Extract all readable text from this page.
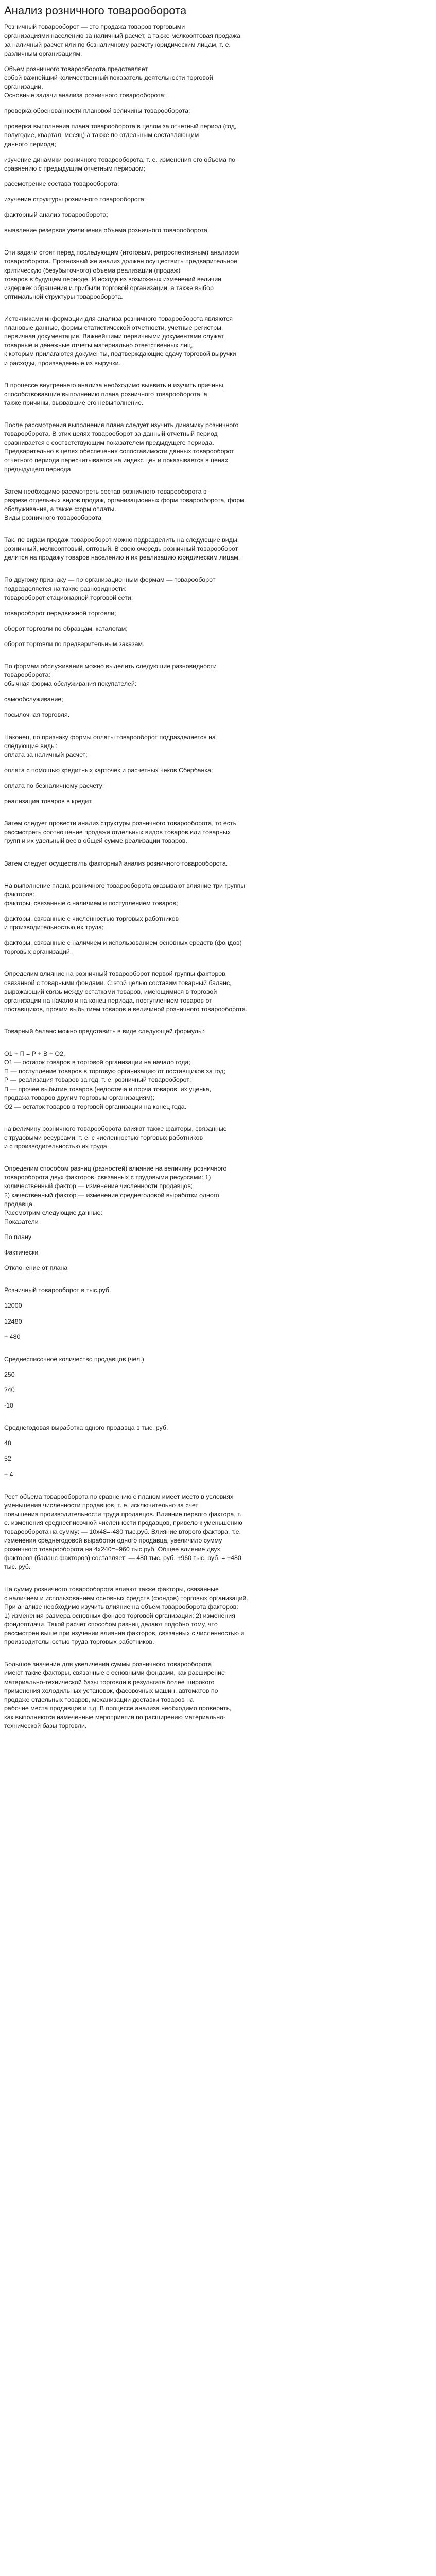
Анализ розничного товарооборота

Розничный товарооборот — это продажа товаров торговыми

организациями населению за наличный расчет, а также мелкооптовая продажа

за наличный расчет или по безналичному расчету юридическим лицам, т. е.

различным организациям.

Объем розничного товарооборота представляет

собой важнейший количественный показатель деятельности торговой

организации.

Основные задачи анализа розничного товарооборота:

проверка обоснованности плановой величины товарооборота;

проверка выполнения плана товарооборота в целом за отчетный период (год,

полугодие, квартал, месяц) а также по отдельным составляющим

данного периода;

изучение динамики розничного товарооборота, т. е. изменения его объема по

сравнению с предыдущим отчетным периодом;

рассмотрение состава товарооборота;

изучение структуры розничного товарооборота;

факторный анализ товарооборота;

выявление резервов увеличения объема розничного товарооборота.

Эти задачи стоят перед последующим (итоговым, ретроспективным) анализом

товарооборота. Прогнозный же анализ должен осуществить предварительное

критическую (безубыточного) объема реализации (продаж)

товаров в будущем периоде. И исходя из возможных изменений величин

издержек обращения и прибыли торговой организации, а также выбор

оптимальной структуры товарооборота.

Источниками информации для анализа розничного товарооборота являются

плановые данные, формы статистической отчетности, учетные регистры,

первичная документация. Важнейшими первичными документами служат

товарные и денежные отчеты материально ответственных лиц,

к которым прилагаются документы, подтверждающие сдачу торговой выручки

и расходы, произведенные из выручки.

В процессе внутреннего анализа необходимо выявить и изучить причины,

способствовавшие выполнению плана розничного товарооборота, а

также причины, вызвавшие его невыполнение.

После рассмотрения выполнения плана следует изучить динамику розничного

товарооборота. В этих целях товарооборот за данный отчетный период

сравнивается с соответствующим показателем предыдущего периода.

Предварительно в целях обеспечения сопоставимости данных товарооборот

отчетного периода пересчитывается на индекс цен и показывается в ценах

предыдущего периода.

Затем необходимо рассмотреть состав розничного товарооборота в

разрезе отдельных видов продаж, организационных форм товарооборота, форм

обслуживания, а также форм оплаты.

Виды розничного товарооборота

Так, по видам продаж товарооборот можно подразделить на следующие виды:

розничный, мелкооптовый, оптовый. В свою очередь розничный товарооборот

делится на продажу товаров населению и их реализацию юридическим лицам.

По другому признаку — по организационным формам — товарооборот

подразделяется на такие разновидности:

товарооборот стационарной торговой сети;

товарооборот передвижной торговли;

оборот торговли по образцам, каталогам;

оборот торговли по предварительным заказам.

По формам обслуживания можно выделить следующие разновидности

товарооборота:

обычная форма обслуживания покупателей:

самообслуживание;

посылочная торговля.

Наконец, по признаку формы оплаты товарооборот подразделяется на

следующие виды:

оплата за наличный расчет;

оплата с помощью кредитных карточек и расчетных чеков Сбербанка;

оплата по безналичному расчету;

реализация товаров в кредит.

Затем следует провести анализ структуры розничного товарооборота, то есть

рассмотреть соотношение продажи отдельных видов товаров или товарных

групп и их удельный вес в общей сумме реализации товаров.

Затем следует осуществить факторный анализ розничного товарооборота.

На выполнение плана розничного товарооборота оказывают влияние три группы

факторов:

факторы, связанные с наличием и поступлением товаров;

факторы, связанные с численностью торговых работников

и производительностью их труда;

факторы, связанные с наличием и использованием основных средств (фондов)

торговых организаций.

Определим влияние на розничный товарооборот первой группы факторов,

связанной с товарными фондами. С этой целью составим товарный баланс,

выражающий связь между остатками товаров, имеющимися в торговой

организации на начало и на конец периода, поступлением товаров от

поставщиков, прочим выбытием товаров и величиной розничного товарооборота.

Товарный баланс можно представить в виде следующей формулы:

О1 + П = Р + В + О2,

О1 — остаток товаров в торговой организации на начало года;

П — поступление товаров в торговую организацию от поставщиков за год;

Р — реализация товаров за год, т. е. розничный товарооборот;

В — прочее выбытие товаров (недостача и порча товаров, их уценка,

продажа товаров другим торговым организациям);

О2 — остаток товаров в торговой организации на конец года.

на величину розничного товарооборота влияют также факторы, связанные

с трудовыми ресурсами, т. е. с численностью торговых работников

и с производительностью их труда.

Определим способом разниц (разностей) влияние на величину розничного

товарооборота двух факторов, связанных с трудовыми ресурсами: 1)

количественный фактор — изменение численности продавцов;

2) качественный фактор — изменение среднегодовой выработки одного

продавца.

Рассмотрим следующие данные:

Показатели

По плану

Фактически

Отклонение от плана

Розничный товарооборот в тыс.руб.

12000

12480

+ 480

Среднесписочное количество продавцов (чел.)

250

240

-10

Среднегодовая выработка одного продавца в тыс. руб.

48

52

+ 4

Рост объема товарооборота по сравнению с планом имеет место в условиях

уменьшения численности продавцов, т. е. исключительно за счет

повышения производительности труда продавцов. Влияние первого фактора, т.

е. изменения среднесписочной численности продавцов, привело к уменьшению

товарооборота на сумму: — 10х48=-480 тыс.руб. Влияние второго фактора, т.е.

изменения среднегодовой выработки одного продавца, увеличило сумму

розничного товарооборота на 4х240=+960 тыс.руб. Общее влияние двух

факторов (баланс факторов) составляет: — 480 тыс. руб. +960 тыс. руб. = +480

тыс. руб.

На сумму розничного товарооборота влияют также факторы, связанные

с наличием и использованием основных средств (фондов) торговых организаций.

При анализе необходимо изучить влияние на объем товарооборота факторов:

1) изменения размера основных фондов торговой организации; 2) изменения

фондоотдачи. Такой расчет способом разниц делают подобно тому, что

рассмотрен выше при изучении влияния факторов, связанных с численностью и

производительностью труда торговых работников.

Большое значение для увеличения суммы розничного товарооборота

имеют такие факторы, связанные с основными фондами, как расширение

материально-технической базы торговли в результате более широкого

применения холодильных установок, фасовочных машин, автоматов по

продаже отдельных товаров, механизации доставки товаров на

рабочие места продавцов и т.д. В процессе анализа необходимо проверить,

как выполняются намеченные мероприятия по расширению материально-

технической базы торговли.
